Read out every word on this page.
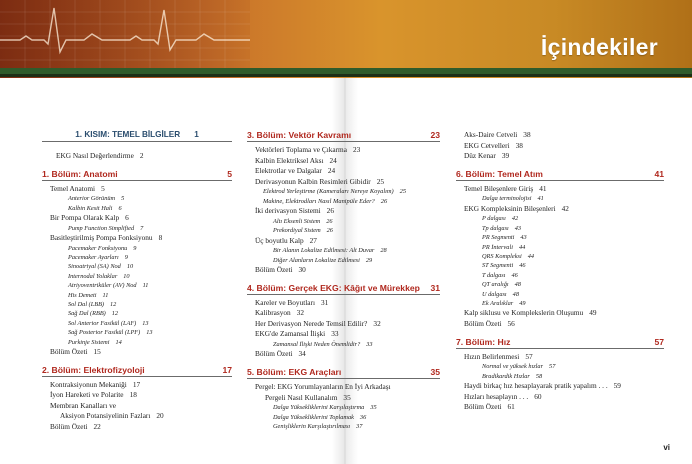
İçindekiler
1. KISIM: TEMEL BİLGİLER 1
EKG Nasıl Değerlendirme 2
1. Bölüm: Anatomi	5
Temel Anatomi 5
Anterior Görünüm 5
Kalbin Kesit Hali 6
Bir Pompa Olarak Kalp 6
Pump Function Simplified 7
Basitleştirilmiş Pompa Fonksiyonu 8
Pacemaker Fonksiyonu 9
Pacemaker Ayarları 9
Sinoatriyal (SA) Nod 10
Internodal Yolaklar 10
Atriyoventriküler (AV) Nod 11
His Demeti 11
Sol Dal (LBB) 12
Sağ Dal (RBB) 12
Sol Anterior Fasikül (LAF) 13
Sağ Posterior Fasikül (LPF) 13
Purkinje Sistemi 14
Bölüm Özeti 15
2. Bölüm: Elektrofizyoloji	17
Kontraksiyonun Mekaniği 17
İyon Hareketi ve Polarite 18
Membran Kanalları ve
Aksiyon Potansiyelinin Fazları 20
Bölüm Özeti 22
3. Bölüm: Vektör Kavramı	23
Vektörleri Toplama ve Çıkarma 23
Kalbin Elektriksel Aksı 24
Elektrotlar ve Dalgalar 24
Derivasyonun Kalbin Resimleri Gibidir 25
Elektrod Yerleştirme (Kameraları Nereye Koyalım) 25
Makine, Elektrodları Nasıl Manipüle Eder? 26
İki derivasyon Sistemi 26
Altı Eksenli Sistem 26
Prekordiyal Sistem 26
Üç boyutlu Kalp 27
Bir Alanın Lokalize Edilmesi: Alt Duvar 28
Diğer Alanların Lokalize Edilmesi 29
Bölüm Özeti 30
4. Bölüm: Gerçek EKG: Kâğıt ve Mürekkep 31
Kareler ve Boyutları 31
Kalibrasyon 32
Her Derivasyon Nerede Temsil Edilir? 32
EKG'de Zamansal İlişki 33
Zamansal İlişki Neden Önemlidir? 33
Bölüm Özeti 34
5. Bölüm: EKG Araçları	35
Pergel: EKG Yorumlayanların En İyi Arkadaşı
Pergeli Nasıl Kullanalım 35
Dalga Yüksekliklerini Karşılaştırma 35
Dalga Yüksekliklerini Toplamak 36
Genişliklerin Karşılaştırılması 37
Aks-Daire Cetveli 38
EKG Cetvelleri 38
Düz Kenar 39
6. Bölüm: Temel Atım	41
Temel Bileşenlere Giriş 41
Dalga terminolojisi 41
EKG Kompleksinin Bileşenleri 42
P dalgası 42
Tp dalgası 43
PR Segmenti 43
PR İntervali 44
QRS Kompleksi 44
ST Segmenti 46
T dalgası 46
QT aralığı 48
U dalgası 48
Ek Aralıklar 49
Kalp siklusu ve Komplekslerin Oluşumu 49
Bölüm Özeti 56
7. Bölüm: Hız	57
Hızın Belirlenmesi 57
Normal ve yüksek hızlar 57
Bradikardik Hızlar 58
Haydi birkaç hız hesaplayarak pratik yapalım . . . 59
Hızları hesaplayın . . . 60
Bölüm Özeti 61
vi
